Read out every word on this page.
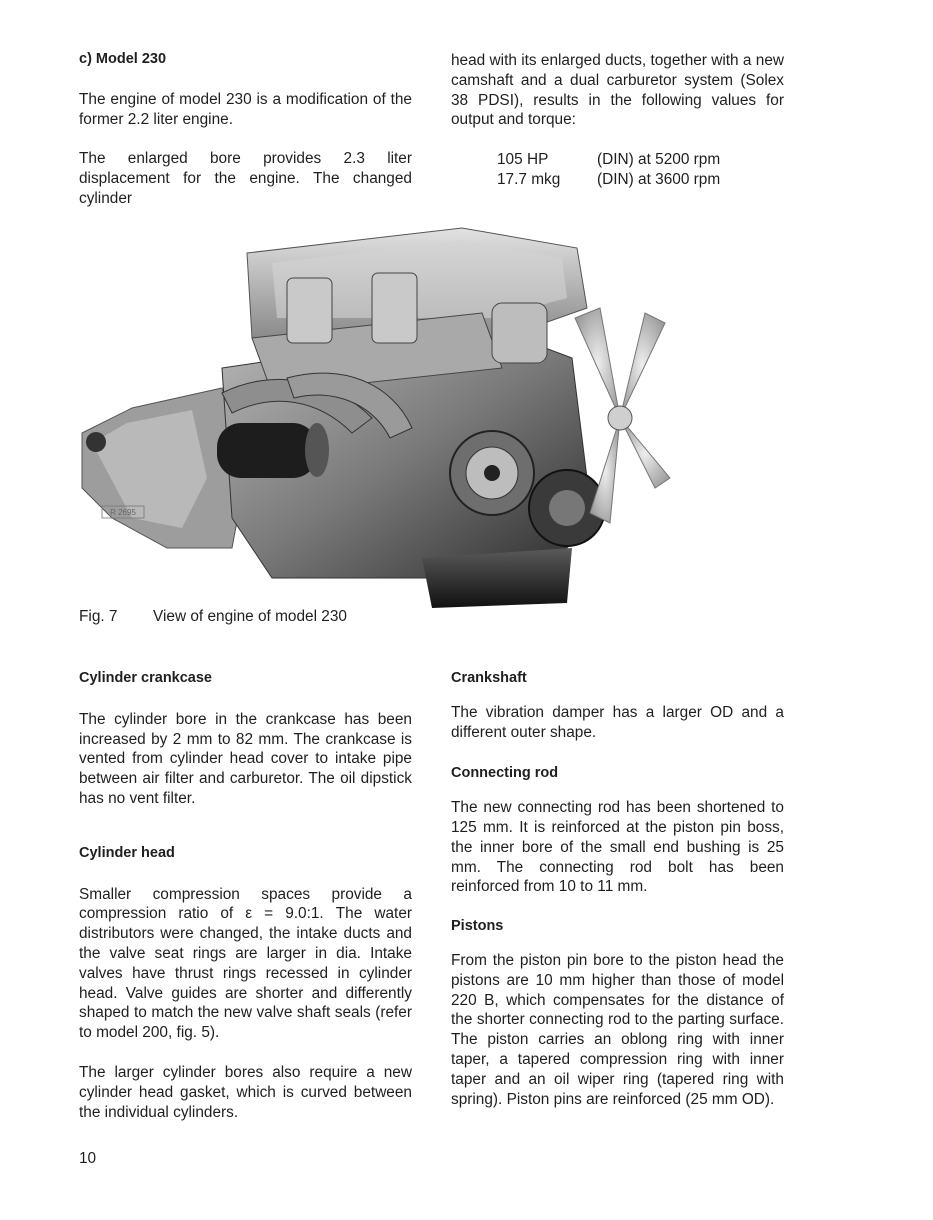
c) Model 230

The engine of model 230 is a modification of the former 2.2 liter engine.

The enlarged bore provides 2.3 liter displacement for the engine. The changed cylinder

head with its enlarged ducts, together with a new camshaft and a dual carburetor system (Solex 38 PDSI), results in the following values for output and torque:

105 HP	(DIN) at 5200 rpm
17.7 mkg	(DIN) at 3600 rpm
R 2695
Fig. 7 View of engine of model 230

Cylinder crankcase

The cylinder bore in the crankcase has been increased by 2 mm to 82 mm. The crankcase is vented from cylinder head cover to intake pipe between air filter and carburetor. The oil dipstick has no vent filter.

Cylinder head

Smaller compression spaces provide a compression ratio of ε = 9.0:1. The water distributors were changed, the intake ducts and the valve seat rings are larger in dia. Intake valves have thrust rings recessed in cylinder head. Valve guides are shorter and differently shaped to match the new valve shaft seals (refer to model 200, fig. 5).

The larger cylinder bores also require a new cylinder head gasket, which is curved between the individual cylinders.

Crankshaft

The vibration damper has a larger OD and a different outer shape.

Connecting rod

The new connecting rod has been shortened to 125 mm. It is reinforced at the piston pin boss, the inner bore of the small end bushing is 25 mm. The connecting rod bolt has been reinforced from 10 to 11 mm.

Pistons

From the piston pin bore to the piston head the pistons are 10 mm higher than those of model 220 B, which compensates for the distance of the shorter connecting rod to the parting surface. The piston carries an oblong ring with inner taper, a tapered compression ring with inner taper and an oil wiper ring (tapered ring with spring). Piston pins are reinforced (25 mm OD).

10
